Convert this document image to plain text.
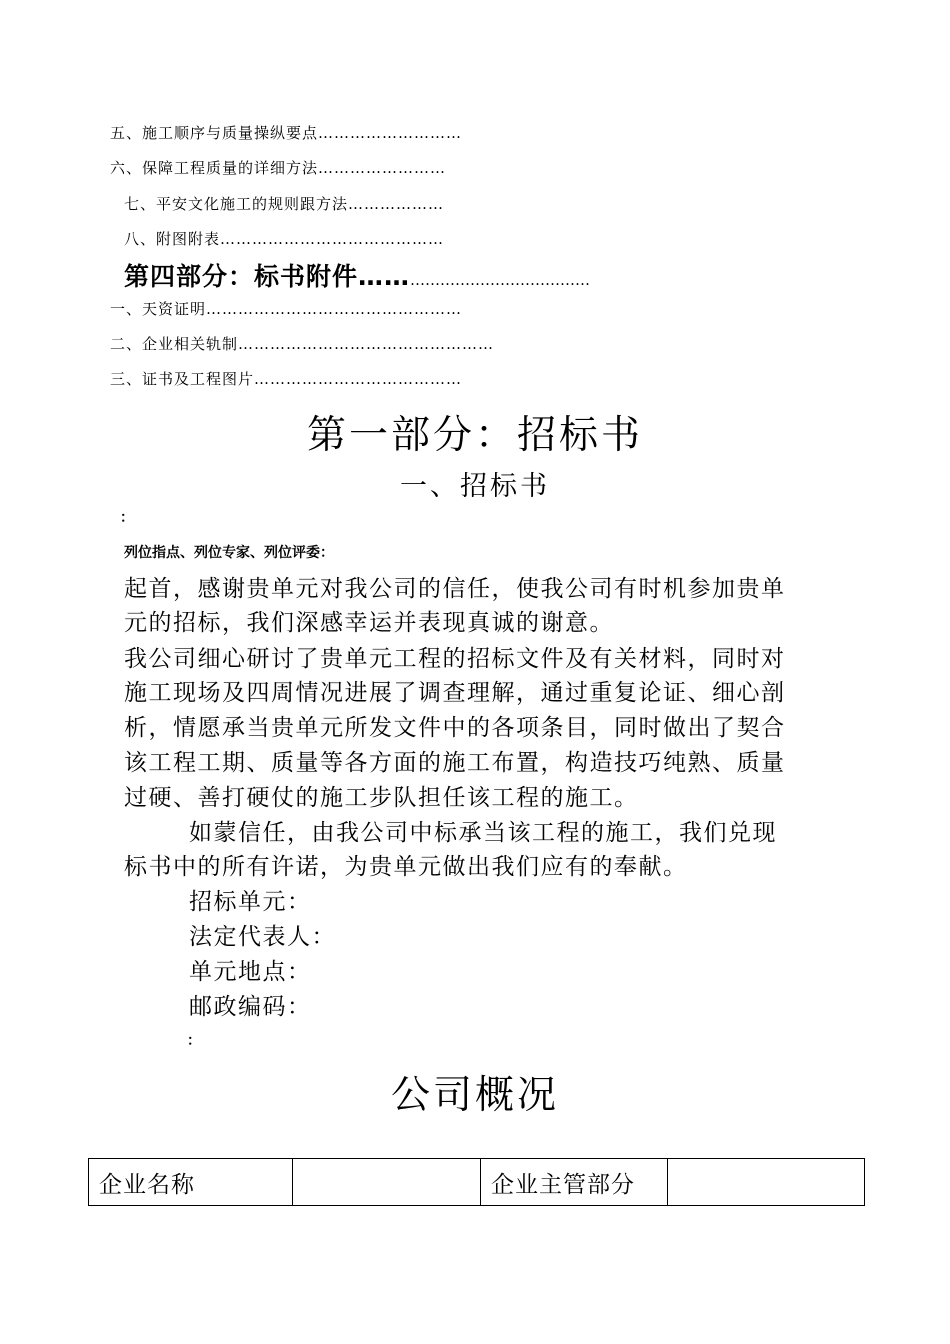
五、施工顺序与质量操纵要点………………………
六、保障工程质量的详细方法……………………
七、平安文化施工的规则跟方法………………
八、附图附表……………………………………
第四部分：标书附件……………………………………
一、天资证明…………………………………………
二、企业相关轨制…………………………………………
三、证书及工程图片…………………………………
第一部分：招标书
一、招标书
：
列位指点、列位专家、列位评委：
起首，感谢贵单元对我公司的信任，使我公司有时机参加贵单
元的招标，我们深感幸运并表现真诚的谢意。
我公司细心研讨了贵单元工程的招标文件及有关材料，同时对
施工现场及四周情况进展了调查理解，通过重复论证、细心剖
析，情愿承当贵单元所发文件中的各项条目，同时做出了契合
该工程工期、质量等各方面的施工布置，构造技巧纯熟、质量
过硬、善打硬仗的施工步队担任该工程的施工。
如蒙信任，由我公司中标承当该工程的施工，我们兑现
标书中的所有许诺，为贵单元做出我们应有的奉献。
招标单元：
法定代表人：
单元地点：
邮政编码：
：
公司概况
企业名称		企业主管部分	
